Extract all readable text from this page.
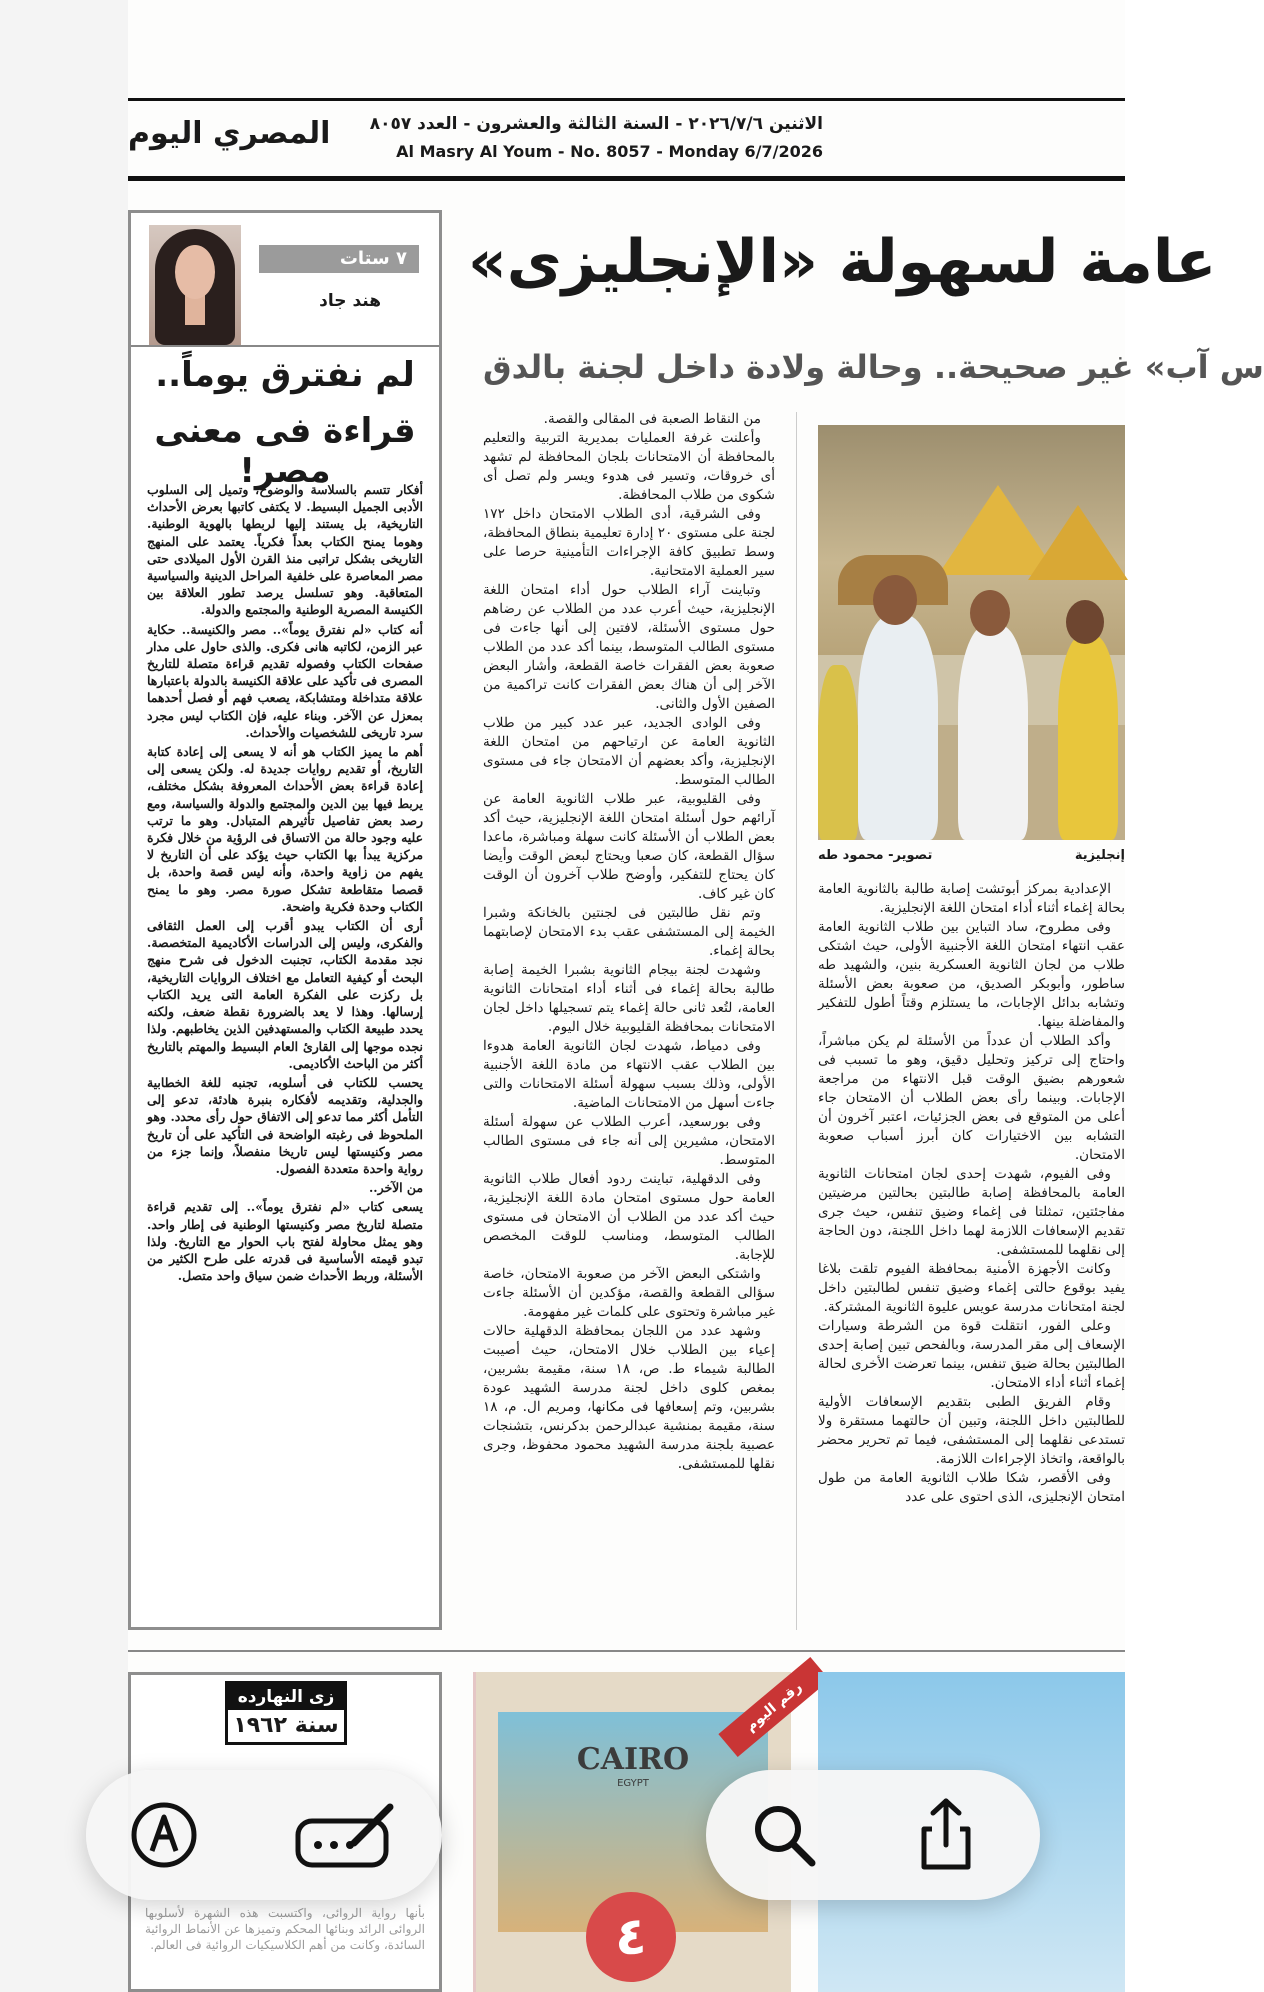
الاثنين ٢٠٢٦/٧/٦ - السنة الثالثة والعشرون - العدد ٨٠٥٧
Al Masry Al Youm - No. 8057 - Monday 6/7/2026
المصري اليوم
٧ ستات
هند جاد
لم نفترق يوماً..
قراءة فى معنى مصر!

أفكار تتسم بالسلاسة والوضوح، وتميل إلى السلوب الأدبى الجميل البسيط. لا يكتفى كاتبها بعرض الأحداث التاريخية، بل يستند إليها لربطها بالهوية الوطنية. وهوما يمنح الكتاب بعداً فكرياً. يعتمد على المنهج التاريخى بشكل تراتبى منذ القرن الأول الميلادى حتى مصر المعاصرة على خلفية المراحل الدينية والسياسية المتعاقبة. وهو تسلسل يرصد تطور العلاقة بين الكنيسة المصرية الوطنية والمجتمع والدولة.

أنه كتاب «لم نفترق يوماً».. مصر والكنيسة.. حكاية عبر الزمن، لكاتبه هانى فكرى. والذى حاول على مدار صفحات الكتاب وفصوله تقديم قراءة متصلة للتاريخ المصرى فى تأكيد على علاقة الكنيسة بالدولة باعتبارها علاقة متداخلة ومتشابكة، يصعب فهم أو فصل أحدهما بمعزل عن الآخر. وبناء عليه، فإن الكتاب ليس مجرد سرد تاريخى للشخصيات والأحداث.

أهم ما يميز الكتاب هو أنه لا يسعى إلى إعادة كتابة التاريخ، أو تقديم روايات جديدة له. ولكن يسعى إلى إعادة قراءة بعض الأحداث المعروفة بشكل مختلف، يربط فيها بين الدين والمجتمع والدولة والسياسة، ومع رصد بعض تفاصيل تأثيرهم المتبادل. وهو ما ترتب عليه وجود حالة من الاتساق فى الرؤية من خلال فكرة مركزية يبدأ بها الكتاب حيث يؤكد على أن التاريخ لا يفهم من زاوية واحدة، وأنه ليس قصة واحدة، بل قصصا متقاطعة تشكل صورة مصر. وهو ما يمنح الكتاب وحدة فكرية واضحة.

أرى أن الكتاب يبدو أقرب إلى العمل الثقافى والفكرى، وليس إلى الدراسات الأكاديمية المتخصصة. نجد مقدمة الكتاب، تجنبت الدخول فى شرح منهج البحث أو كيفية التعامل مع اختلاف الروايات التاريخية، بل ركزت على الفكرة العامة التى يريد الكتاب إرسالها. وهذا لا يعد بالضرورة نقطة ضعف، ولكنه يحدد طبيعة الكتاب والمستهدفين الذين يخاطبهم. ولذا نجده موجها إلى القارئ العام البسيط والمهتم بالتاريخ أكثر من الباحث الأكاديمى.

يحسب للكتاب فى أسلوبه، تجنبه للغة الخطابية والجدلية، وتقديمه لأفكاره بنبرة هادئة، تدعو إلى التأمل أكثر مما تدعو إلى الاتفاق حول رأى محدد. وهو الملحوظ فى رغبته الواضحة فى التأكيد على أن تاريخ مصر وكنيستها ليس تاريخا منفصلاً، وإنما جزء من رواية واحدة متعددة الفصول.

من الآخر..

يسعى كتاب «لم نفترق يوماً».. إلى تقديم قراءة متصلة لتاريخ مصر وكنيستها الوطنية فى إطار واحد. وهو يمثل محاولة لفتح باب الحوار مع التاريخ. ولذا تبدو قيمته الأساسية فى قدرته على طرح الكثير من الأسئلة، وربط الأحداث ضمن سياق واحد متصل.

عامة لسهولة «الإنجليزى»
س آب» غير صحيحة.. وحالة ولادة داخل لجنة بالدق

من النقاط الصعبة فى المقالى والقصة.

وأعلنت غرفة العمليات بمديرية التربية والتعليم بالمحافظة أن الامتحانات بلجان المحافظة لم تشهد أى خروقات، وتسير فى هدوء ويسر ولم تصل أى شكوى من طلاب المحافظة.

وفى الشرقية، أدى الطلاب الامتحان داخل ١٧٢ لجنة على مستوى ٢٠ إدارة تعليمية بنطاق المحافظة، وسط تطبيق كافة الإجراءات التأمينية حرصا على سير العملية الامتحانية.

وتباينت آراء الطلاب حول أداء امتحان اللغة الإنجليزية، حيث أعرب عدد من الطلاب عن رضاهم حول مستوى الأسئلة، لافتين إلى أنها جاءت فى مستوى الطالب المتوسط، بينما أكد عدد من الطلاب صعوبة بعض الفقرات خاصة القطعة، وأشار البعض الآخر إلى أن هناك بعض الفقرات كانت تراكمية من الصفين الأول والثانى.

وفى الوادى الجديد، عبر عدد كبير من طلاب الثانوية العامة عن ارتياحهم من امتحان اللغة الإنجليزية، وأكد بعضهم أن الامتحان جاء فى مستوى الطالب المتوسط.

وفى القليوبية، عبر طلاب الثانوية العامة عن آرائهم حول أسئلة امتحان اللغة الإنجليزية، حيث أكد بعض الطلاب أن الأسئلة كانت سهلة ومباشرة، ماعدا سؤال القطعة، كان صعبا ويحتاج لبعض الوقت وأيضا كان يحتاج للتفكير، وأوضح طلاب آخرون أن الوقت كان غير كاف.

وتم نقل طالبتين فى لجنتين بالخانكة وشبرا الخيمة إلى المستشفى عقب بدء الامتحان لإصابتهما بحالة إغماء.

وشهدت لجنة بيجام الثانوية بشبرا الخيمة إصابة طالبة بحالة إغماء فى أثناء أداء امتحانات الثانوية العامة، لتُعد ثانى حالة إغماء يتم تسجيلها داخل لجان الامتحانات بمحافظة القليوبية خلال اليوم.

وفى دمياط، شهدت لجان الثانوية العامة هدوءا بين الطلاب عقب الانتهاء من مادة اللغة الأجنبية الأولى، وذلك بسبب سهولة أسئلة الامتحانات والتى جاءت أسهل من الامتحانات الماضية.

وفى بورسعيد، أعرب الطلاب عن سهولة أسئلة الامتحان، مشيرين إلى أنه جاء فى مستوى الطالب المتوسط.

وفى الدقهلية، تباينت ردود أفعال طلاب الثانوية العامة حول مستوى امتحان مادة اللغة الإنجليزية، حيث أكد عدد من الطلاب أن الامتحان فى مستوى الطالب المتوسط، ومناسب للوقت المخصص للإجابة.

واشتكى البعض الآخر من صعوبة الامتحان، خاصة سؤالى القطعة والقصة، مؤكدين أن الأسئلة جاءت غير مباشرة وتحتوى على كلمات غير مفهومة.

وشهد عدد من اللجان بمحافظة الدقهلية حالات إعياء بين الطلاب خلال الامتحان، حيث أصيبت الطالبة شيماء ط. ص، ١٨ سنة، مقيمة بشربين، بمغص كلوى داخل لجنة مدرسة الشهيد عودة بشربين، وتم إسعافها فى مكانها، ومريم ال. م، ١٨ سنة، مقيمة بمنشية عبدالرحمن بدكرنس، بتشنجات عصبية بلجنة مدرسة الشهيد محمود محفوظ، وجرى نقلها للمستشفى.

إنجليزية
تصوير- محمود طه

الإعدادية بمركز أبوتشت إصابة طالبة بالثانوية العامة بحالة إغماء أثناء أداء امتحان اللغة الإنجليزية.

وفى مطروح، ساد التباين بين طلاب الثانوية العامة عقب انتهاء امتحان اللغة الأجنبية الأولى، حيث اشتكى طلاب من لجان الثانوية العسكرية بنين، والشهيد طه ساطور، وأبوبكر الصديق، من صعوبة بعض الأسئلة وتشابه بدائل الإجابات، ما يستلزم وقتاً أطول للتفكير والمفاضلة بينها.

وأكد الطلاب أن عدداً من الأسئلة لم يكن مباشراً، واحتاج إلى تركيز وتحليل دقيق، وهو ما تسبب فى شعورهم بضيق الوقت قبل الانتهاء من مراجعة الإجابات. وبينما رأى بعض الطلاب أن الامتحان جاء أعلى من المتوقع فى بعض الجزئيات، اعتبر آخرون أن التشابه بين الاختيارات كان أبرز أسباب صعوبة الامتحان.

وفى الفيوم، شهدت إحدى لجان امتحانات الثانوية العامة بالمحافظة إصابة طالبتين بحالتين مرضيتين مفاجئتين، تمثلتا فى إغماء وضيق تنفس، حيث جرى تقديم الإسعافات اللازمة لهما داخل اللجنة، دون الحاجة إلى نقلهما للمستشفى.

وكانت الأجهزة الأمنية بمحافظة الفيوم تلقت بلاغا يفيد بوقوع حالتى إغماء وضيق تنفس لطالبتين داخل لجنة امتحانات مدرسة عويس عليوة الثانوية المشتركة.

وعلى الفور، انتقلت قوة من الشرطة وسيارات الإسعاف إلى مقر المدرسة، وبالفحص تبين إصابة إحدى الطالبتين بحالة ضيق تنفس، بينما تعرضت الأخرى لحالة إغماء أثناء أداء الامتحان.

وقام الفريق الطبى بتقديم الإسعافات الأولية للطالبتين داخل اللجنة، وتبين أن حالتهما مستقرة ولا تستدعى نقلهما إلى المستشفى، فيما تم تحرير محضر بالواقعة، واتخاذ الإجراءات اللازمة.

وفى الأقصر، شكا طلاب الثانوية العامة من طول امتحان الإنجليزى، الذى احتوى على عدد

زى النهارده
سنة ١٩٦٢
بأنها رواية الروائى، واكتسبت هذه الشهرة لأسلوبها الروائى الرائد وبنائها المحكم وتميزها عن الأنماط الروائية السائدة، وكانت من أهم الكلاسيكيات الروائية فى العالم.
CAIRO
EGYPT
رقم اليوم
٤
